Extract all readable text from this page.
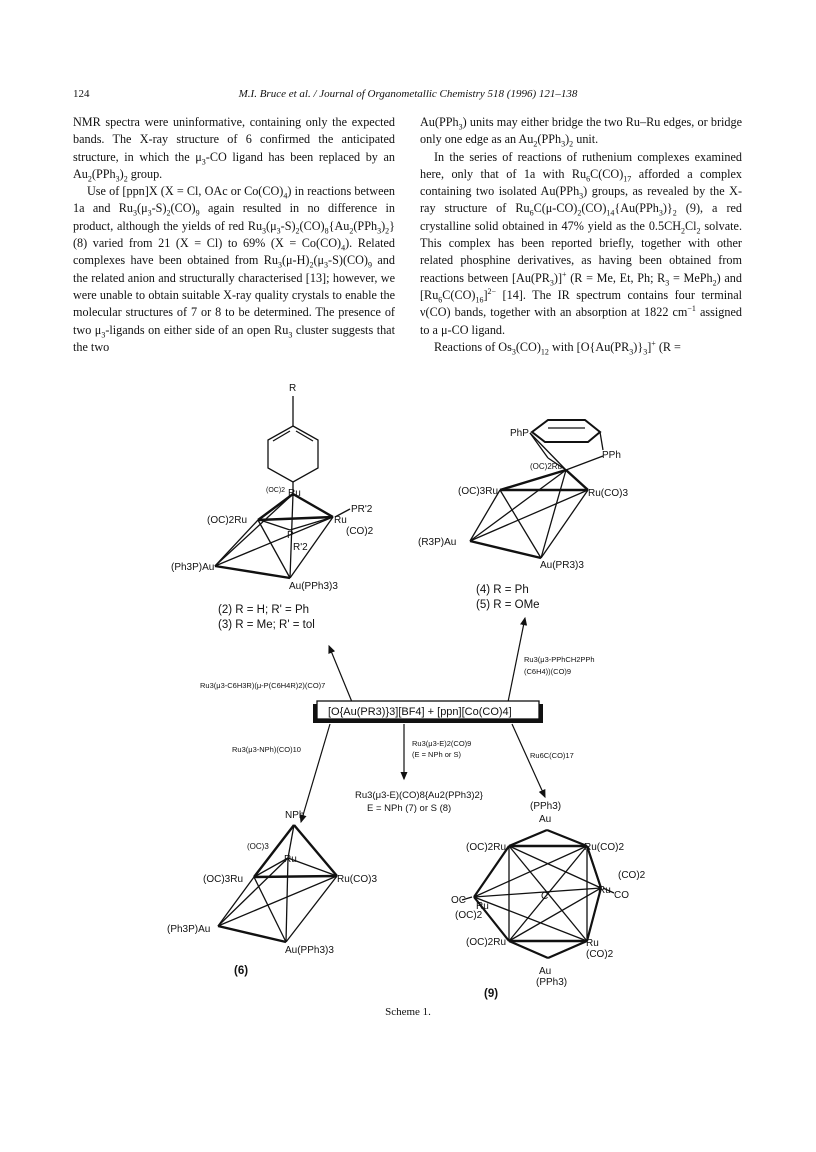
124	M.I. Bruce et al. / Journal of Organometallic Chemistry 518 (1996) 121–138

NMR spectra were uninformative, containing only the expected bands. The X-ray structure of 6 confirmed the anticipated structure, in which the $\mu_3-CO$ ligand has been replaced by an $Au_2(PPh_3)_2$ group.

Use of [ppn]X (X = Cl, OAc or $Co(CO)_4$) in reactions between 1a and $Ru_3(\mu_3-S)_2(CO)_9$ again resulted in no difference in product, although the yields of red $Ru_3(\mu_3-S)_2(CO)_8\{Au_2(PPh_3)_2\}$ (8) varied from 21 (X = Cl) to 69% $(X = Co(CO)_4)$. Related complexes have been obtained from $Ru_3(\mu-H)_2(\mu_3-S)(CO)_9$ and the related anion and structurally characterised [13]; however, we were unable to obtain suitable X-ray quality crystals to enable the molecular structures of 7 or 8 to be determined. The presence of two $\mu_3$-ligands on either side of an open $Ru_3$ cluster suggests that the two

Au(PPh$_3$) units may either bridge the two Ru–Ru edges, or bridge only one edge as an $Au_2(PPh_3)_2$ unit.

In the series of reactions of ruthenium complexes examined here, only that of 1a with $Ru_6C(CO)_{17}$ afforded a complex containing two isolated Au(PPh$_3$) groups, as revealed by the X-ray structure of $Ru_6C(\mu-CO)_2(CO)_{14}\{Au(PPh_3)\}_2$ (9), a red crystalline solid obtained in 47% yield as the $0.5CH_2Cl_2$ solvate. This complex has been reported briefly, together with other related phosphine derivatives, as having been obtained from reactions between $[Au(PR_3)]^+$ (R = Me, Et, Ph; $R_3$ = MePh$_2$) and $[Ru_6C(CO)_{16}]^{2-}$ [14]. The IR spectrum contains four terminal ν(CO) bands, together with an absorption at 1822 $cm^{-1}$ assigned to a μ-CO ligand.

Reactions of $Os_3(CO)_{12}$ with $[O\{Au(PR_3)\}_3]^+$ (R =

R
(OC)2 Ru
(OC)2Ru	Ru
PR'2
(CO)2
P
R'2
(Ph3P)Au
Au(PPh3)3
(2) R = H; R' = Ph
(3) R = Me; R' = tol
PhP
PPh
(OC)2Ru
(OC)3Ru	Ru(CO)3
(R3P)Au
Au(PR3)3
(4) R = Ph
(5) R = OMe
Ru3(μ3-C6H3R)(μ-P(C6H4R)2)(CO)7
Ru3(μ3-PPhCH2PPh
(C6H4))(CO)9
[O{Au(PR3)}3][BF4] + [ppn][Co(CO)4]
Ru3(μ3-NPh)(CO)10
Ru3(μ3-E)2(CO)9
(E = NPh or S)	Ru6C(CO)17
Ru3(μ3-E)(CO)8{Au2(PPh3)2}
E = NPh (7) or S (8)
NPh
(OC)3
Ru
(OC)3Ru	Ru(CO)3
(Ph3P)Au
Au(PPh3)3
(6)
(PPh3)
Au
(OC)2Ru	Ru(CO)2
(CO)2
Ru CO
C
OC
Ru
(OC)2
(OC)2Ru	Ru
(CO)2
Au
(PPh3)
(9)
Scheme 1.
